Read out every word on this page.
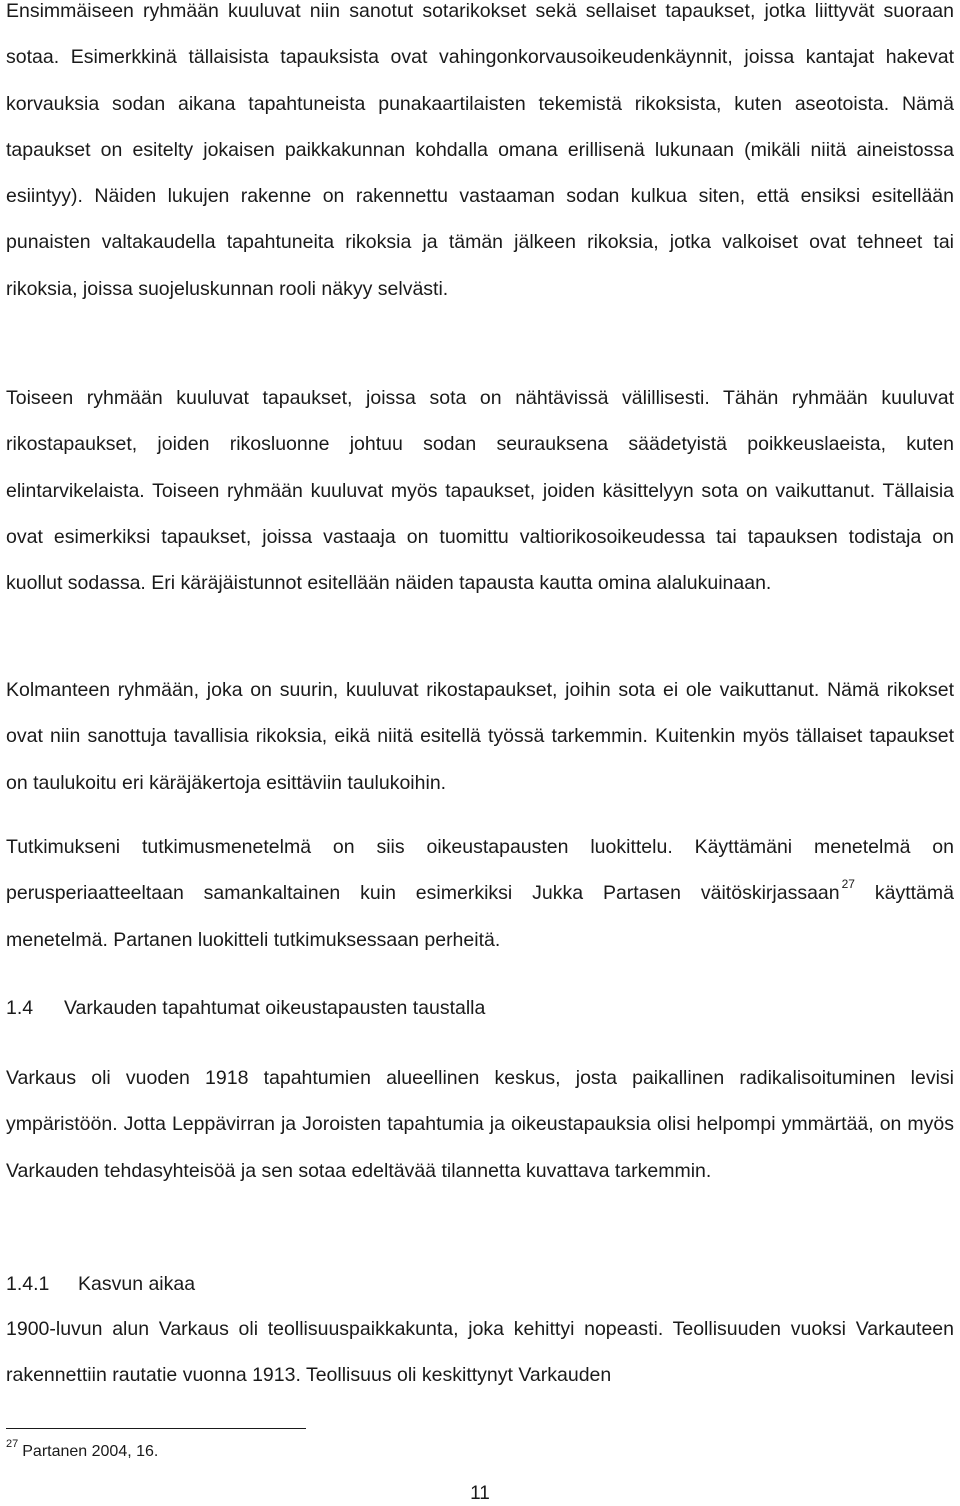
Ensimmäiseen ryhmään kuuluvat niin sanotut sotarikokset sekä sellaiset tapaukset, jotka liittyvät suoraan sotaa. Esimerkkinä tällaisista tapauksista ovat vahingonkorvausoikeudenkäynnit, joissa kantajat hakevat korvauksia sodan aikana tapahtuneista punakaartilaisten tekemistä rikoksista, kuten aseotoista. Nämä tapaukset on esitelty jokaisen paikkakunnan kohdalla omana erillisenä lukunaan (mikäli niitä aineistossa esiintyy). Näiden lukujen rakenne on rakennettu vastaaman sodan kulkua siten, että ensiksi esitellään punaisten valtakaudella tapahtuneita rikoksia ja tämän jälkeen rikoksia, jotka valkoiset ovat tehneet tai rikoksia, joissa suojeluskunnan rooli näkyy selvästi.

Toiseen ryhmään kuuluvat tapaukset, joissa sota on nähtävissä välillisesti. Tähän ryhmään kuuluvat rikostapaukset, joiden rikosluonne johtuu sodan seurauksena säädetyistä poikkeuslaeista, kuten elintarvikelaista. Toiseen ryhmään kuuluvat myös tapaukset, joiden käsittelyyn sota on vaikuttanut. Tällaisia ovat esimerkiksi tapaukset, joissa vastaaja on tuomittu valtiorikosoikeudessa tai tapauksen todistaja on kuollut sodassa. Eri käräjäistunnot esitellään näiden tapausta kautta omina alalukuinaan.

Kolmanteen ryhmään, joka on suurin, kuuluvat rikostapaukset, joihin sota ei ole vaikuttanut. Nämä rikokset ovat niin sanottuja tavallisia rikoksia, eikä niitä esitellä työssä tarkemmin. Kuitenkin myös tällaiset tapaukset on taulukoitu eri käräjäkertoja esittäviin taulukoihin.

Tutkimukseni tutkimusmenetelmä on siis oikeustapausten luokittelu. Käyttämäni menetelmä on perusperiaatteeltaan samankaltainen kuin esimerkiksi Jukka Partasen väitöskirjassaan $^{27}$ käyttämä menetelmä. Partanen luokitteli tutkimuksessaan perheitä.

1.4 Varkauden tapahtumat oikeustapausten taustalla

Varkaus oli vuoden 1918 tapahtumien alueellinen keskus, josta paikallinen radikalisoituminen levisi ympäristöön. Jotta Leppävirran ja Joroisten tapahtumia ja oikeustapauksia olisi helpompi ymmärtää, on myös Varkauden tehdasyhteisöä ja sen sotaa edeltävää tilannetta kuvattava tarkemmin.

1.4.1 Kasvun aikaa

1900-luvun alun Varkaus oli teollisuuspaikkakunta, joka kehittyi nopeasti. Teollisuuden vuoksi Varkauteen rakennettiin rautatie vuonna 1913. Teollisuus oli keskittynyt Varkauden

$^{27}$ Partanen 2004, 16.

11
